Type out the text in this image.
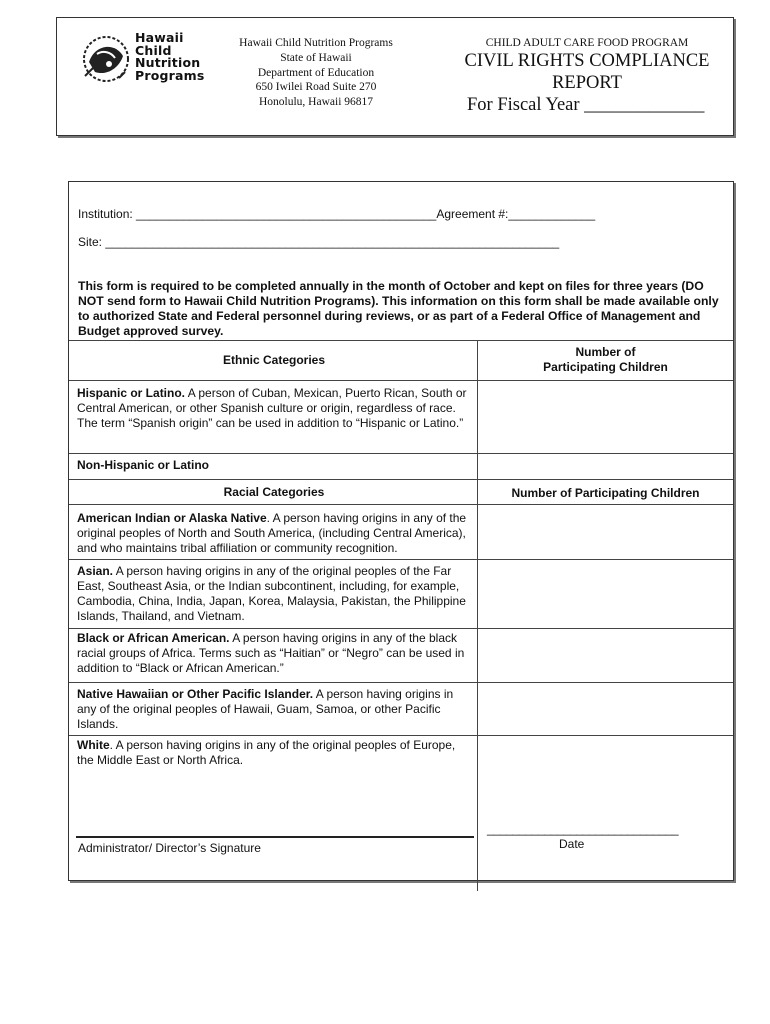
Hawaii
Child
Nutrition
Programs
Hawaii Child Nutrition Programs
State of Hawaii
Department of Education
650 Iwilei Road Suite 270
Honolulu, Hawaii 96817
CHILD ADULT CARE FOOD PROGRAM
CIVIL RIGHTS COMPLIANCE
REPORT
For Fiscal Year _____________
Institution: _____________________________________________Agreement #:_____________
Site: ____________________________________________________________________
This form is required to be completed annually in the month of October and kept on files for three years (DO NOT send form to Hawaii Child Nutrition Programs). This information on this form shall be made available only to authorized State and Federal personnel during reviews, or as part of a Federal Office of Management and Budget approved survey.
Ethnic Categories
Number of
Participating Children
Hispanic or Latino. A person of Cuban, Mexican, Puerto Rican, South or Central American, or other Spanish culture or origin, regardless of race. The term “Spanish origin” can be used in addition to “Hispanic or Latino.”
Non-Hispanic or Latino
Racial Categories	Number of Participating Children
American Indian or Alaska Native. A person having origins in any of the original peoples of North and South America, (including Central America), and who maintains tribal affiliation or community recognition.
Asian. A person having origins in any of the original peoples of the Far East, Southeast Asia, or the Indian subcontinent, including, for example, Cambodia, China, India, Japan, Korea, Malaysia, Pakistan, the Philippine Islands, Thailand, and Vietnam.
Black or African American. A person having origins in any of the black racial groups of Africa. Terms such as “Haitian” or “Negro” can be used in addition to “Black or African American.”
Native Hawaiian or Other Pacific Islander. A person having origins in any of the original peoples of Hawaii, Guam, Samoa, or other Pacific Islands.
White. A person having origins in any of the original peoples of Europe, the Middle East or North Africa.
Administrator/ Director’s Signature
______________________________
Date
